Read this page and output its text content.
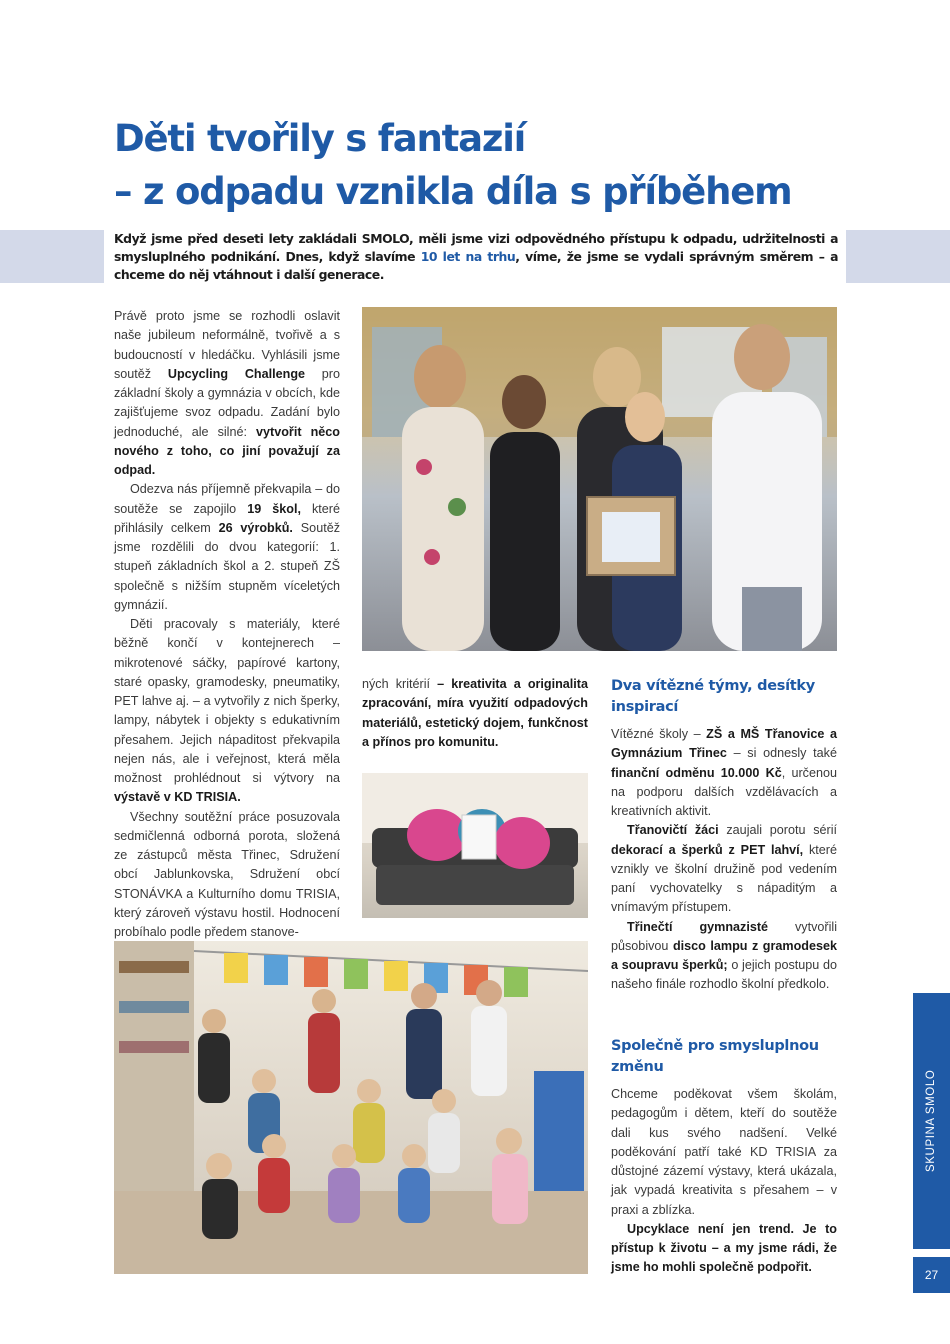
Děti tvořily s fantazií
– z odpadu vznikla díla s příběhem

Když jsme před deseti lety zakládali SMOLO, měli jsme vizi odpovědného přístupu k odpadu, udržitelnosti a smysluplného podnikání. Dnes, když slavíme 10 let na trhu, víme, že jsme se vydali správným směrem – a chceme do něj vtáhnout i další generace.

Právě proto jsme se rozhodli oslavit naše jubileum neformálně, tvořivě a s budoucností v hledáčku. Vyhlásili jsme soutěž Upcycling Challenge pro základní školy a gymnázia v obcích, kde zajišťujeme svoz odpadu. Zadání bylo jednoduché, ale silné: vytvořit něco nového z toho, co jiní považují za odpad.

Odezva nás příjemně překvapila – do soutěže se zapojilo 19 škol, které přihlásily celkem 26 výrobků. Soutěž jsme rozdělili do dvou kategorií: 1. stupeň základních škol a 2. stupeň ZŠ společně s nižším stupněm víceletých gymnázií.

Děti pracovaly s materiály, které běžně končí v kontejnerech – mikrotenové sáčky, papírové kartony, staré opasky, gramodesky, pneumatiky, PET lahve aj. – a vytvořily z nich šperky, lampy, nábytek i objekty s edukativním přesahem. Jejich nápaditost překvapila nejen nás, ale i veřejnost, která měla možnost prohlédnout si výtvory na výstavě v KD TRISIA.

Všechny soutěžní práce posuzovala sedmičlenná odborná porota, složená ze zástupců města Třinec, Sdružení obcí Jablunkovska, Sdružení obcí STONÁVKA a Kulturního domu TRISIA, který zároveň výstavu hostil. Hodnocení probíhalo podle předem stanove-

ných kritérií – kreativita a originalita zpracování, míra využití odpadových materiálů, estetický dojem, funkčnost a přínos pro komunitu.

Dva vítězné týmy, desítky inspirací

Vítězné školy – ZŠ a MŠ Třanovice a Gymnázium Třinec – si odnesly také finanční odměnu 10.000 Kč, určenou na podporu dalších vzdělávacích a kreativních aktivit.

Třanovičtí žáci zaujali porotu sérií dekorací a šperků z PET lahví, které vznikly ve školní družině pod vedením paní vychovatelky s nápaditým a vnímavým přístupem.

Třinečtí gymnazisté vytvořili působivou disco lampu z gramodesek a soupravu šperků; o jejich postupu do našeho finále rozhodlo školní předkolo.

Společně pro smysluplnou změnu

Chceme poděkovat všem školám, pedagogům i dětem, kteří do soutěže dali kus svého nadšení. Velké poděkování patří také KD TRISIA za důstojné zázemí výstavy, která ukázala, jak vypadá kreativita s přesahem – v praxi a zblízka.

Upcyklace není jen trend. Je to přístup k životu – a my jsme rádi, že jsme ho mohli společně podpořit.

SKUPINA SMOLO
27
